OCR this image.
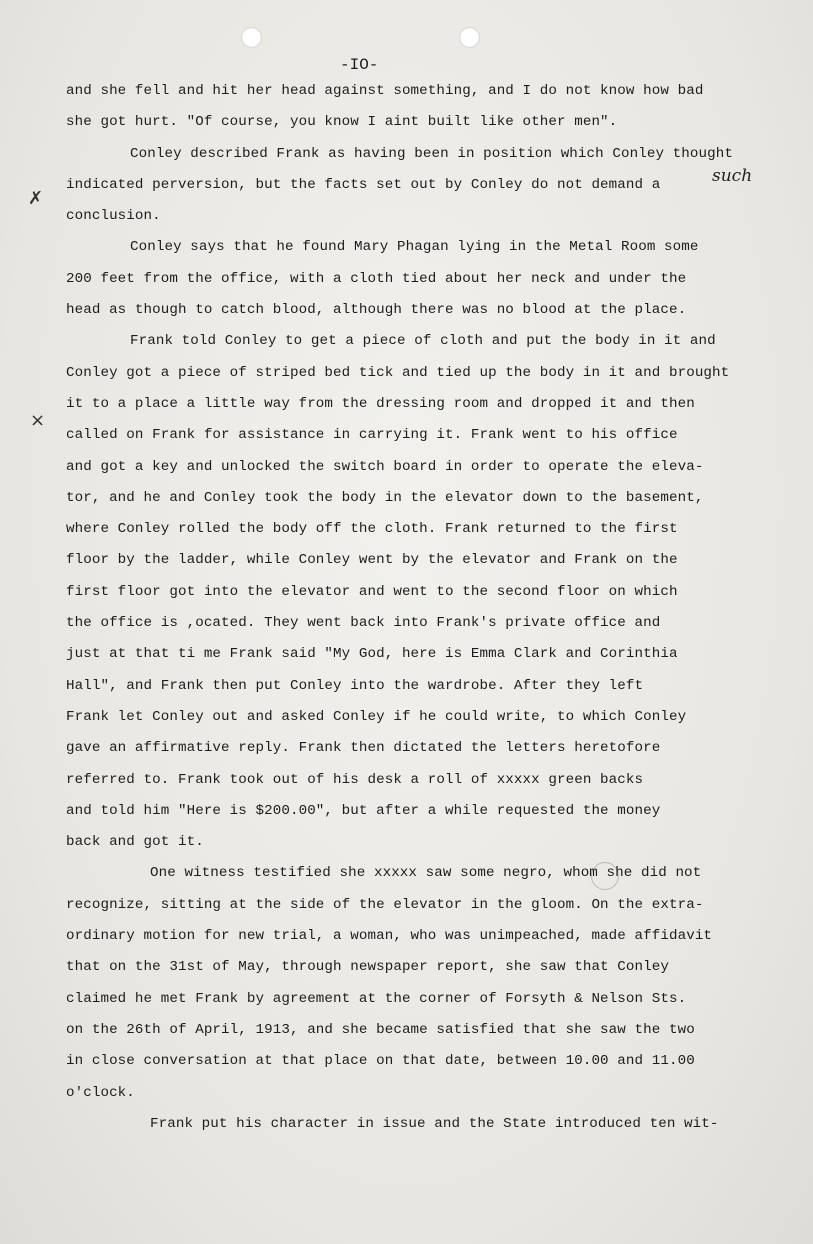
-IO-
✗
×
such
and she fell and hit her head against something, and I do not know how bad
she got hurt. "Of course, you know I aint built like other men".
Conley described Frank as having been in position which Conley thought
indicated perversion, but the facts set out by Conley do not demand a
conclusion.
Conley says that he found Mary Phagan lying in the Metal Room some
200 feet from the office, with a cloth tied about her neck and under the
head as though to catch blood, although there was no blood at the place.
Frank told Conley to get a piece of cloth and put the body in it and
Conley got a piece of striped bed tick and tied up the body in it and brought
it to a place a little way from the dressing room and dropped it and then
called on Frank for assistance in carrying it. Frank went to his office
and got a key and unlocked the switch board in order to operate the eleva-
tor, and he and Conley took the body in the elevator down to the basement,
where Conley rolled the body off the cloth. Frank returned to the first
floor by the ladder, while Conley went by the elevator and Frank on the
first floor got into the elevator and went to the second floor on which
the office is ,ocated. They went back into Frank's private office and
just at that ti me Frank said "My God, here is Emma Clark and Corinthia
Hall", and Frank then put Conley into the wardrobe. After they left
Frank let Conley out and asked Conley if he could write, to which Conley
gave an affirmative reply. Frank then dictated the letters heretofore
referred to. Frank took out of his desk a roll of xxxxx green backs
and told him "Here is $200.00", but after a while requested the money
back and got it.
One witness testified she xxxxx saw some negro, whom she did not
recognize, sitting at the side of the elevator in the gloom. On the extra-
ordinary motion for new trial, a woman, who was unimpeached, made affidavit
that on the 31st of May, through newspaper report, she saw that Conley
claimed he met Frank by agreement at the corner of Forsyth & Nelson Sts.
on the 26th of April, 1913, and she became satisfied that she saw the two
in close conversation at that place on that date, between 10.00 and 11.00
o'clock.
Frank put his character in issue and the State introduced ten wit-
